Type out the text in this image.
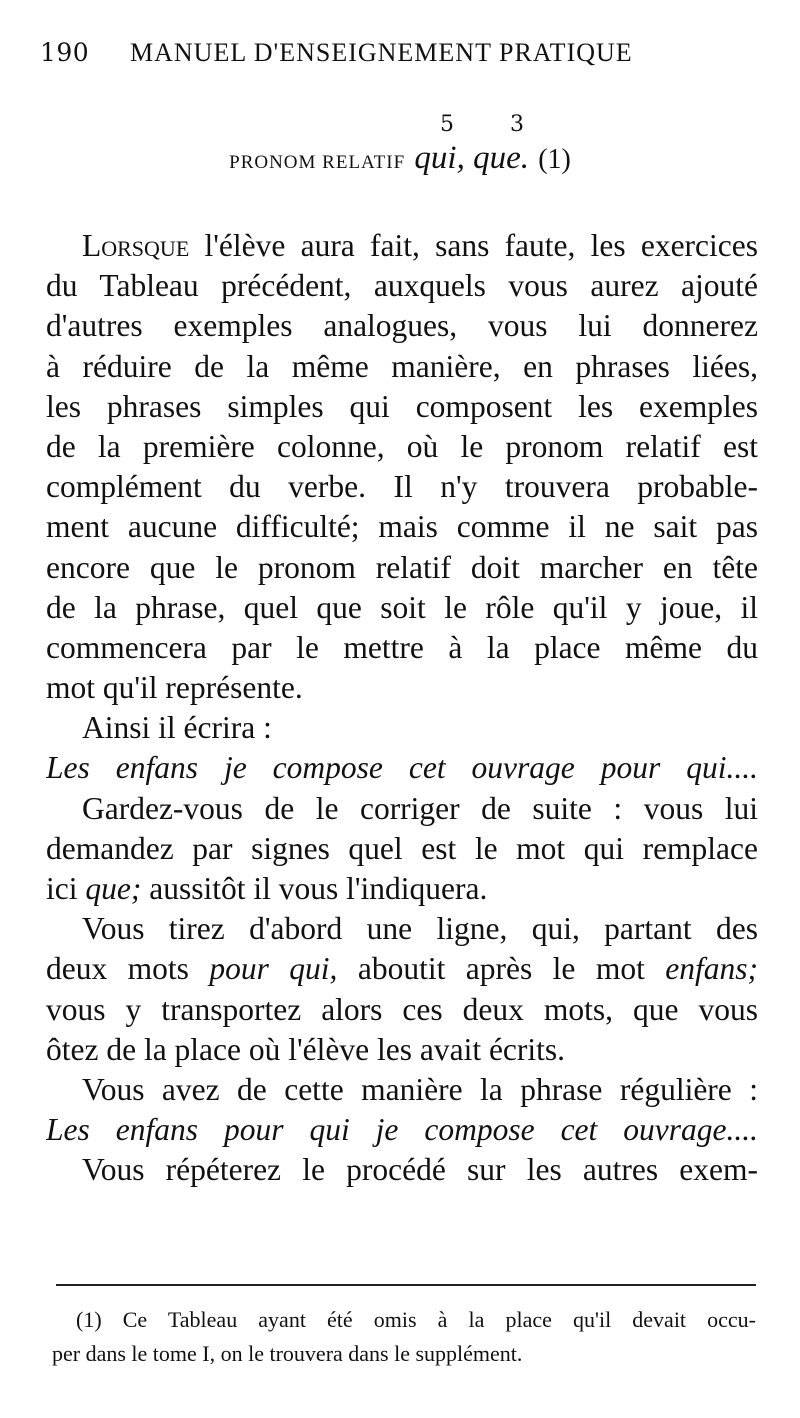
190	MANUEL D'ENSEIGNEMENT PRATIQUE
5	3
PRONOM RELATIF qui, que. (1)
Lorsque l'élève aura fait, sans faute, les exercices
du Tableau précédent, auxquels vous aurez ajouté
d'autres exemples analogues, vous lui donnerez
à réduire de la même manière, en phrases liées,
les phrases simples qui composent les exemples
de la première colonne, où le pronom relatif est
complément du verbe. Il n'y trouvera probable-
ment aucune difficulté; mais comme il ne sait pas
encore que le pronom relatif doit marcher en tête
de la phrase, quel que soit le rôle qu'il y joue, il
commencera par le mettre à la place même du
mot qu'il représente.
Ainsi il écrira :
Les enfans je compose cet ouvrage pour qui....
Gardez-vous de le corriger de suite : vous lui
demandez par signes quel est le mot qui remplace
ici que; aussitôt il vous l'indiquera.
Vous tirez d'abord une ligne, qui, partant des
deux mots pour qui, aboutit après le mot enfans;
vous y transportez alors ces deux mots, que vous
ôtez de la place où l'élève les avait écrits.
Vous avez de cette manière la phrase régulière :
Les enfans pour qui je compose cet ouvrage....
Vous répéterez le procédé sur les autres exem-
(1) Ce Tableau ayant été omis à la place qu'il devait occu-
per dans le tome I, on le trouvera dans le supplément.
